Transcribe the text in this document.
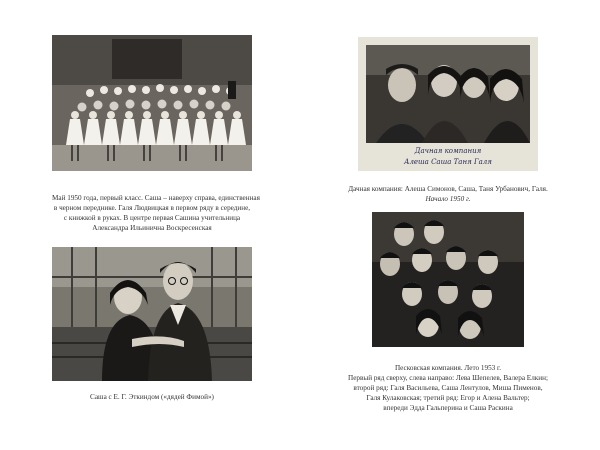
Май 1950 года, первый класс. Саша – наверху справа, единственная
в черном переднике. Галя Людвицкая в первом ряду в середине,
с книжкой в руках. В центре первая Сашина учительница
Александра Ильинична Воскресенская
Дачная компания
Алеша Саша Таня Галя
Дачная компания: Алеша Симонов, Саша, Таня Урбанович, Галя.
Начало 1950 г.
Саша с Е. Г. Эткиндом («дядей Фимой»)
Песковская компания. Лето 1953 г.
Первый ряд сверху, слева направо: Лева Шепелев, Валера Елкин;
второй ряд: Галя Васильева, Саша Лентулов, Миша Пименов,
Галя Кулаковская; третий ряд: Егор и Алена Вальтер;
впереди Эдда Гальперина и Саша Раскина
